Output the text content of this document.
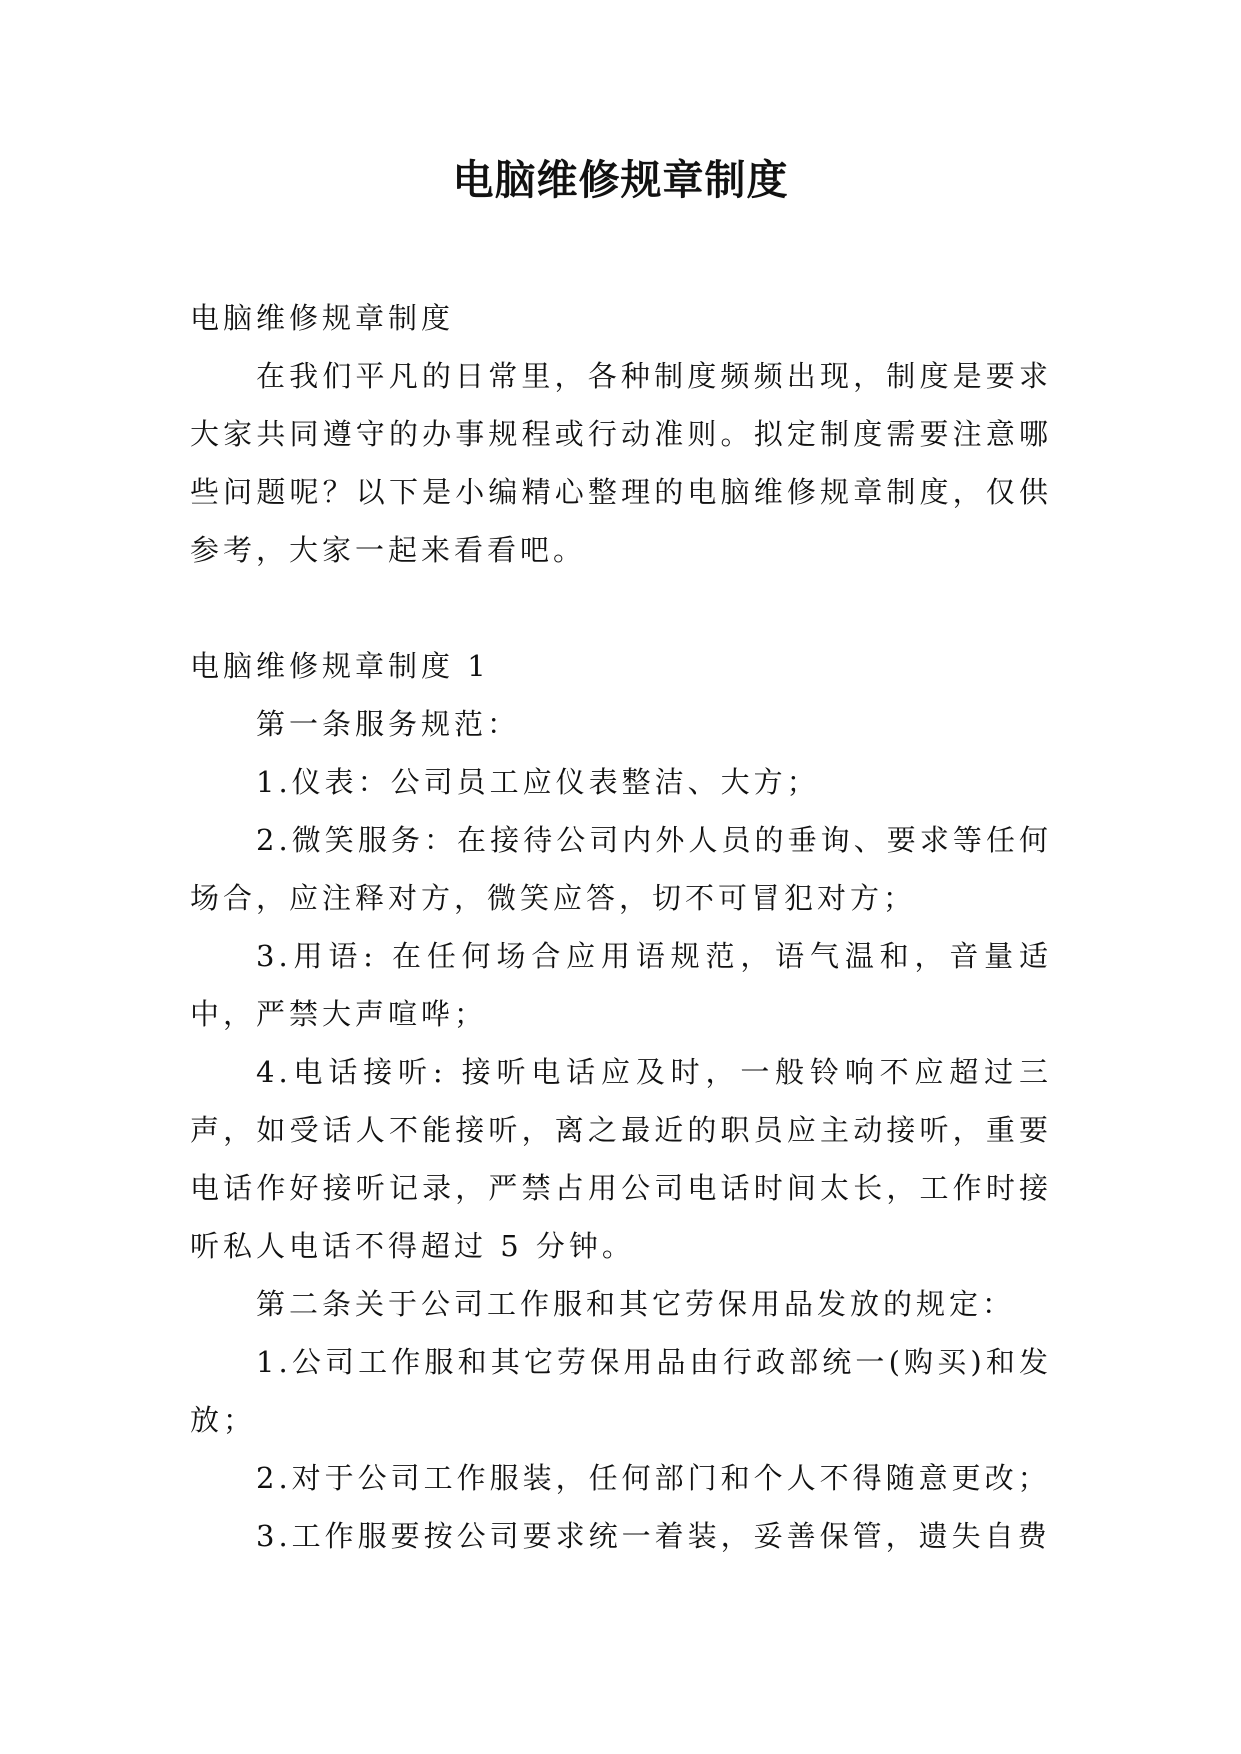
电脑维修规章制度

电脑维修规章制度

在我们平凡的日常里，各种制度频频出现，制度是要求大家共同遵守的办事规程或行动准则。拟定制度需要注意哪些问题呢？以下是小编精心整理的电脑维修规章制度，仅供参考，大家一起来看看吧。

电脑维修规章制度 1

第一条服务规范：

1.仪表：公司员工应仪表整洁、大方；

2.微笑服务：在接待公司内外人员的垂询、要求等任何场合，应注释对方，微笑应答，切不可冒犯对方；

3.用语: 在任何场合应用语规范，语气温和，音量适中，严禁大声喧哗；

4.电话接听: 接听电话应及时，一般铃响不应超过三声，如受话人不能接听，离之最近的职员应主动接听，重要电话作好接听记录，严禁占用公司电话时间太长，工作时接听私人电话不得超过 5 分钟。

第二条关于公司工作服和其它劳保用品发放的规定：

1.公司工作服和其它劳保用品由行政部统一(购买)和发放；

2.对于公司工作服装，任何部门和个人不得随意更改；

3.工作服要按公司要求统一着装，妥善保管，遗失自费
